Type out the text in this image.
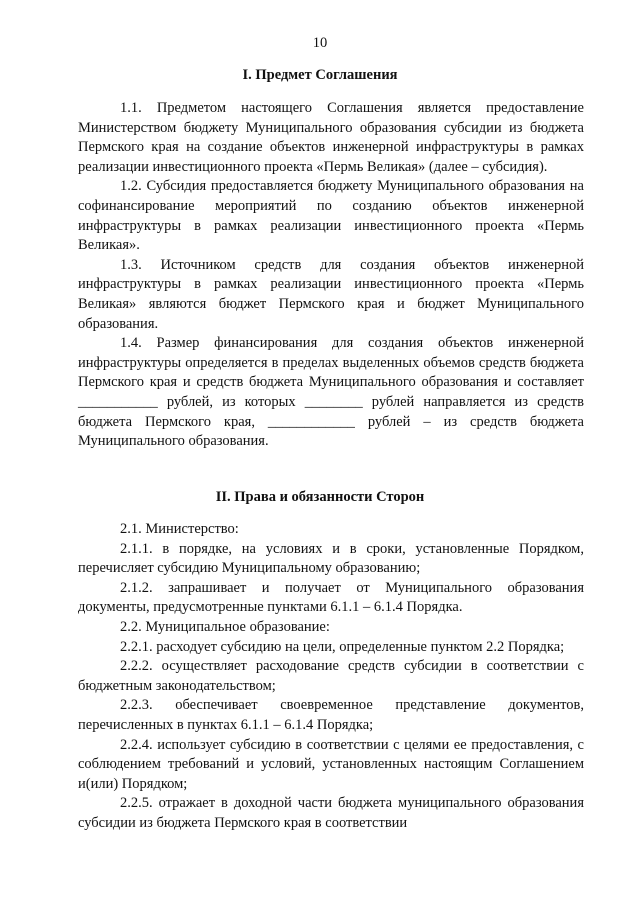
10
I. Предмет Соглашения

1.1. Предметом настоящего Соглашения является предоставление Министерством бюджету Муниципального образования субсидии из бюджета Пермского края на создание объектов инженерной инфраструктуры в рамках реализации инвестиционного проекта «Пермь Великая» (далее – субсидия).

1.2. Субсидия предоставляется бюджету Муниципального образования на софинансирование мероприятий по созданию объектов инженерной инфраструктуры в рамках реализации инвестиционного проекта «Пермь Великая».

1.3. Источником средств для создания объектов инженерной инфраструктуры в рамках реализации инвестиционного проекта «Пермь Великая» являются бюджет Пермского края и бюджет Муниципального образования.

1.4. Размер финансирования для создания объектов инженерной инфраструктуры определяется в пределах выделенных объемов средств бюджета Пермского края и средств бюджета Муниципального образования и составляет ___________ рублей, из которых ________ рублей направляется из средств бюджета Пермского края, ____________ рублей – из средств бюджета Муниципального образования.

II. Права и обязанности Сторон

2.1. Министерство:

2.1.1. в порядке, на условиях и в сроки, установленные Порядком, перечисляет субсидию Муниципальному образованию;

2.1.2. запрашивает и получает от Муниципального образования документы, предусмотренные пунктами 6.1.1 – 6.1.4 Порядка.

2.2. Муниципальное образование:

2.2.1. расходует субсидию на цели, определенные пунктом 2.2 Порядка;

2.2.2. осуществляет расходование средств субсидии в соответствии с бюджетным законодательством;

2.2.3. обеспечивает своевременное представление документов, перечисленных в пунктах 6.1.1 – 6.1.4 Порядка;

2.2.4. использует субсидию в соответствии с целями ее предоставления, с соблюдением требований и условий, установленных настоящим Соглашением и(или) Порядком;

2.2.5. отражает в доходной части бюджета муниципального образования субсидии из бюджета Пермского края в соответствии
